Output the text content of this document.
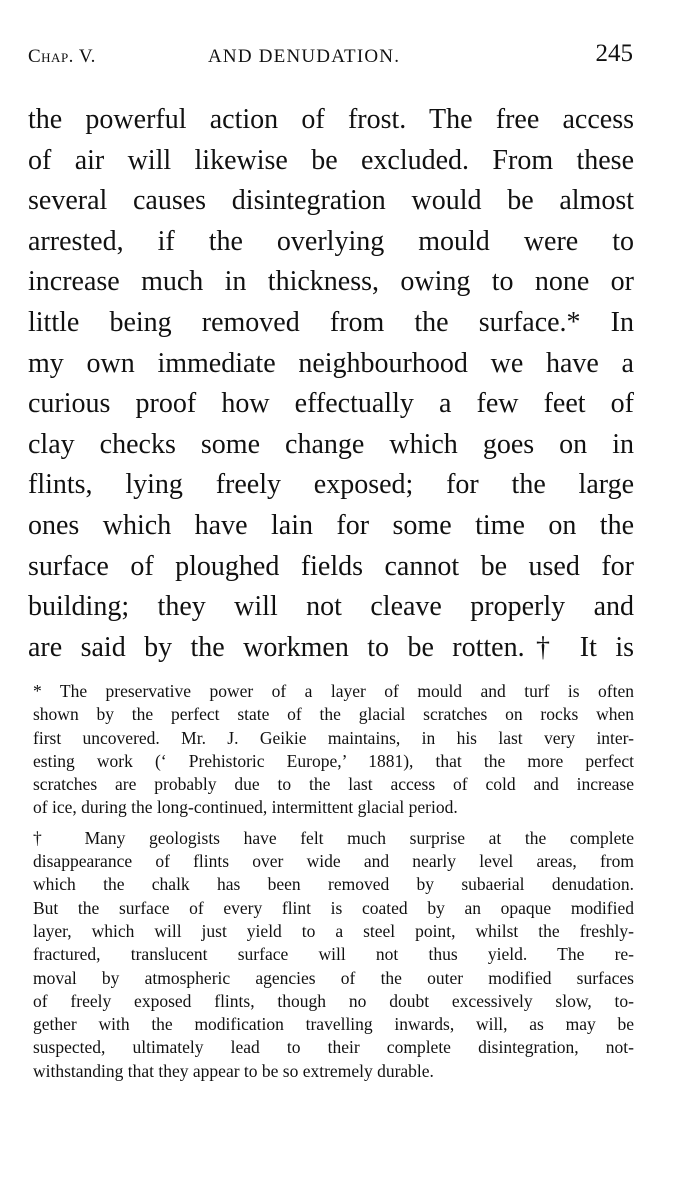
Chap. V.	AND DENUDATION.	245
the powerful action of frost. The free access
of air will likewise be excluded. From these
several causes disintegration would be almost
arrested, if the overlying mould were to
increase much in thickness, owing to none or
little being removed from the surface.* In
my own immediate neighbourhood we have a
curious proof how effectually a few feet of
clay checks some change which goes on in
flints, lying freely exposed; for the large
ones which have lain for some time on the
surface of ploughed fields cannot be used for
building; they will not cleave properly and
are said by the workmen to be rotten.† It is
* The preservative power of a layer of mould and turf is often
shown by the perfect state of the glacial scratches on rocks when
first uncovered. Mr. J. Geikie maintains, in his last very inter-
esting work (‘ Prehistoric Europe,’ 1881), that the more perfect
scratches are probably due to the last access of cold and increase
of ice, during the long-continued, intermittent glacial period.
† Many geologists have felt much surprise at the complete
disappearance of flints over wide and nearly level areas, from
which the chalk has been removed by subaerial denudation.
But the surface of every flint is coated by an opaque modified
layer, which will just yield to a steel point, whilst the freshly-
fractured, translucent surface will not thus yield. The re-
moval by atmospheric agencies of the outer modified surfaces
of freely exposed flints, though no doubt excessively slow, to-
gether with the modification travelling inwards, will, as may be
suspected, ultimately lead to their complete disintegration, not-
withstanding that they appear to be so extremely durable.
